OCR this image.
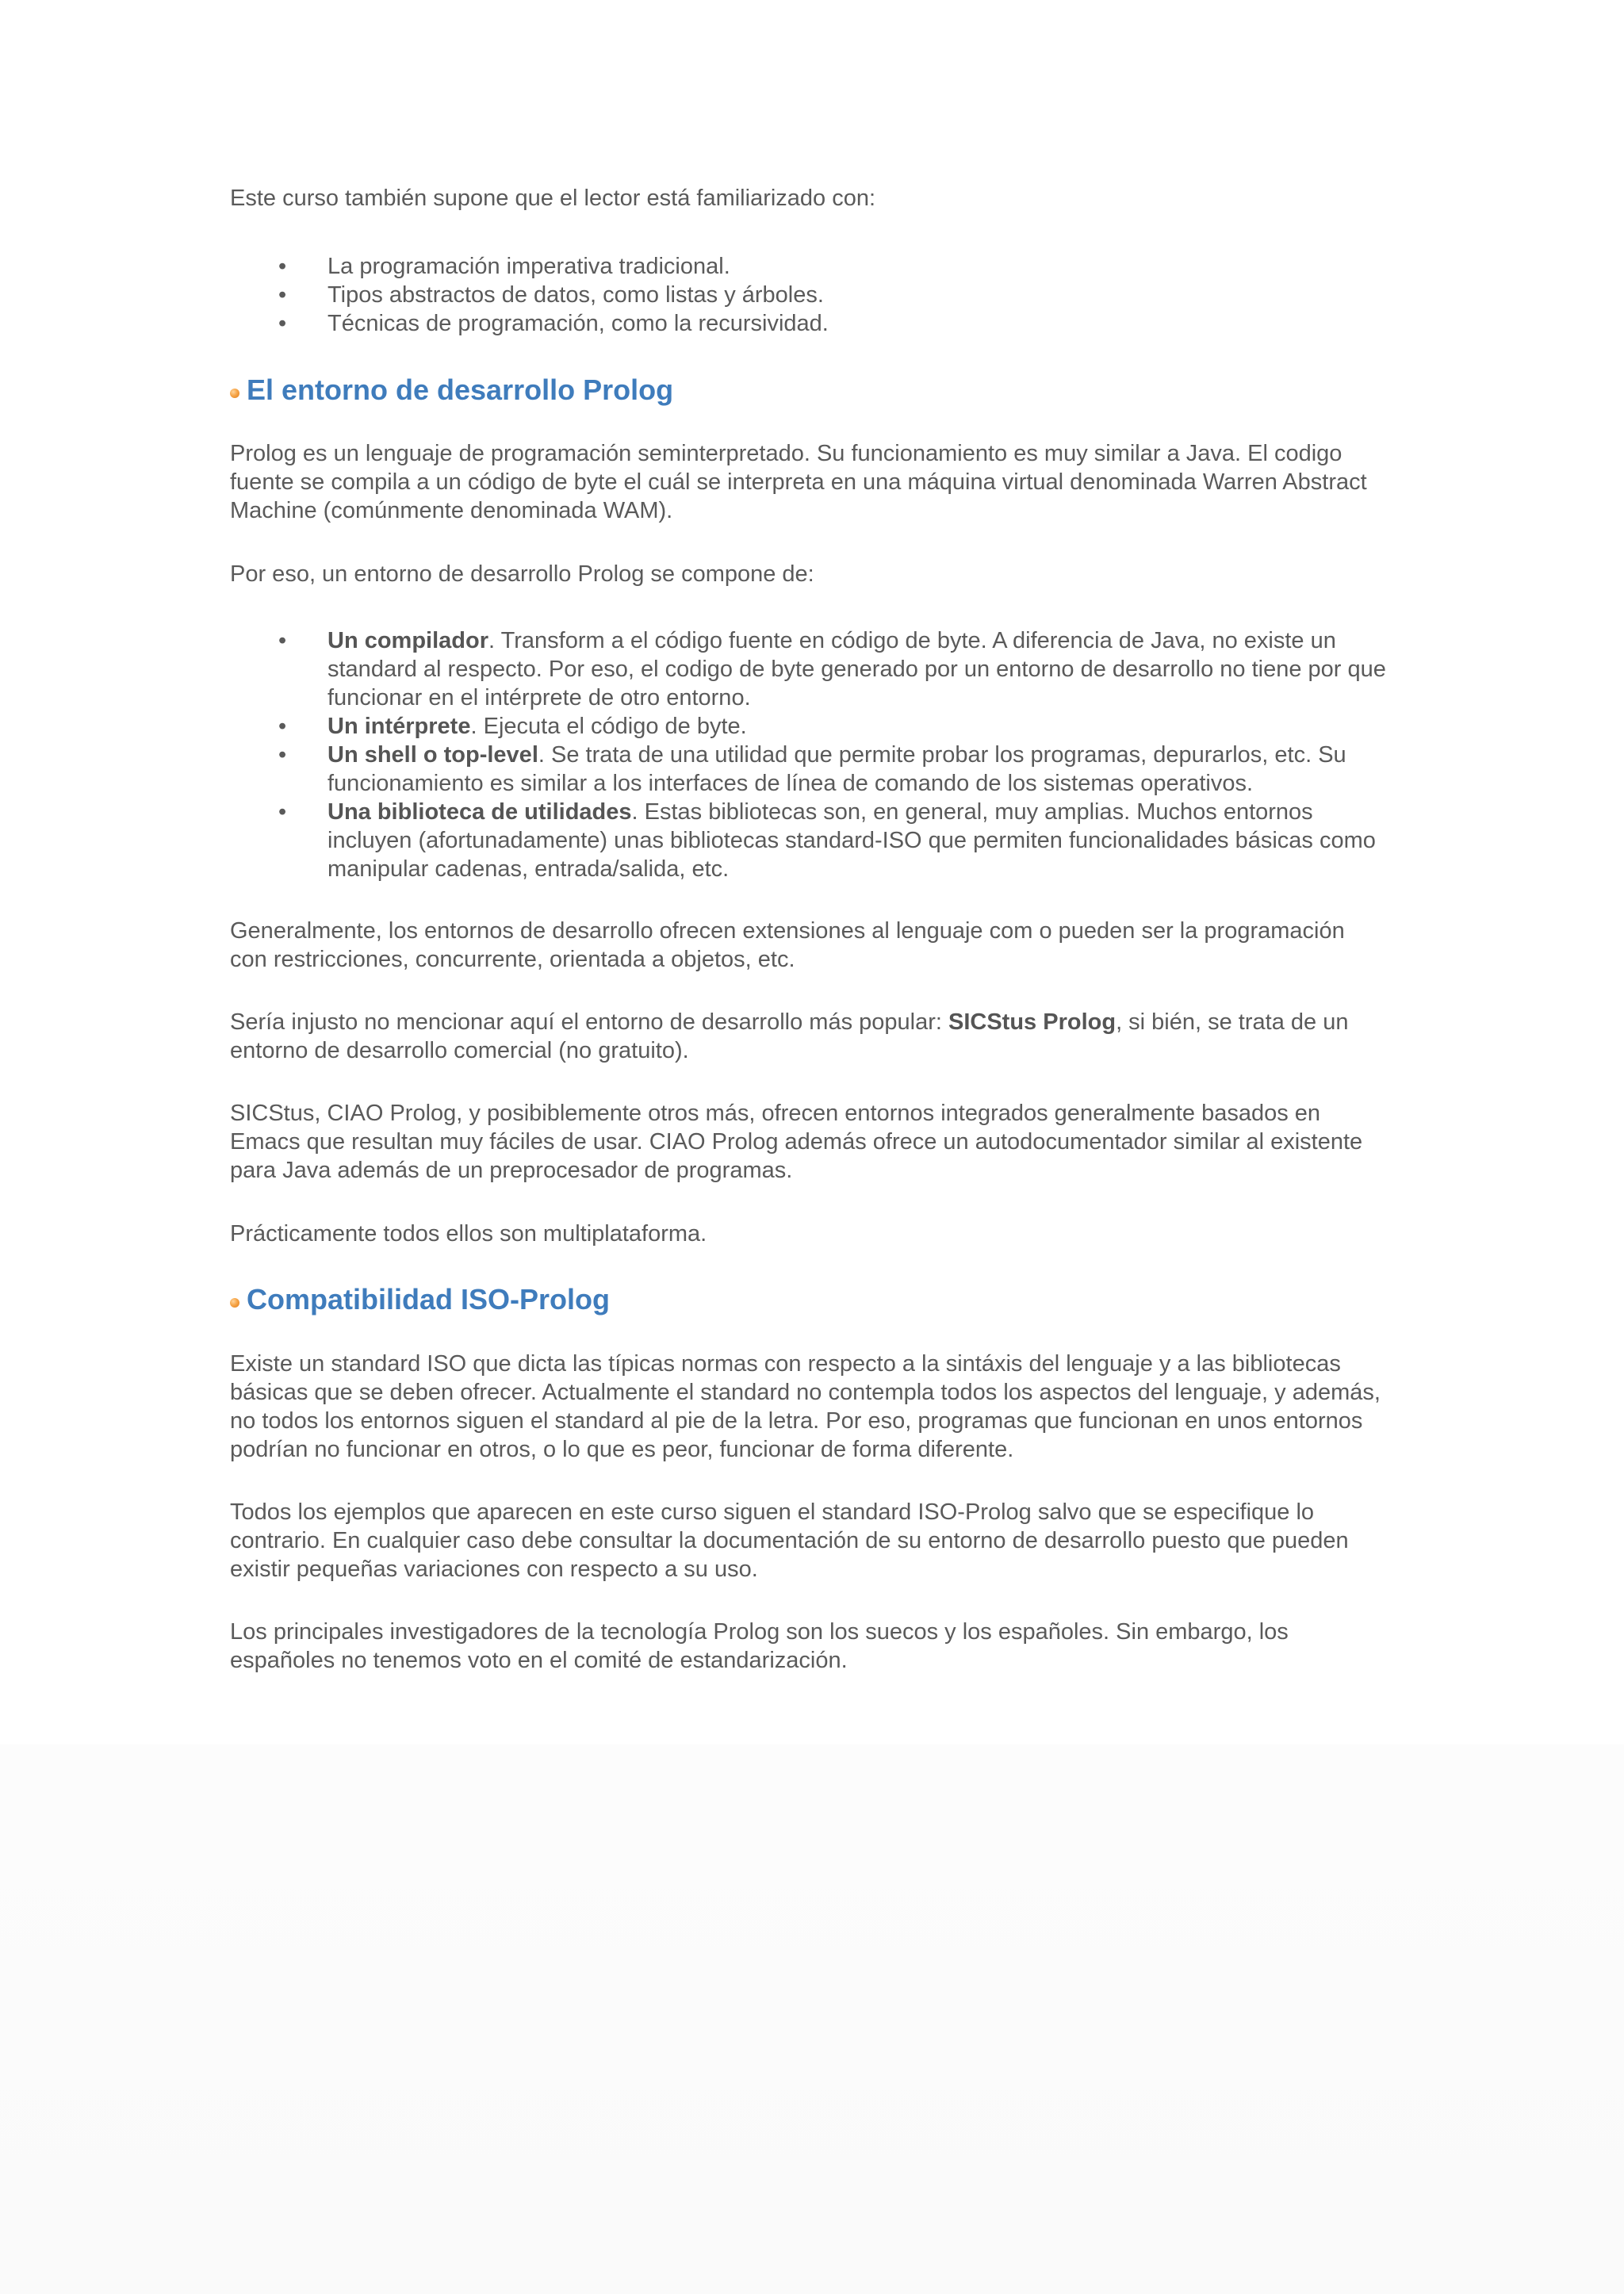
Este curso también supone que el lector está familiarizado con:

• La programación imperativa tradicional.
• Tipos abstractos de datos, como listas y árboles.
• Técnicas de programación, como la recursividad.
El entorno de desarrollo Prolog

Prolog es un lenguaje de programación seminterpretado. Su funcionamiento es muy similar a Java. El codigo fuente se compila a un código de byte el cuál se interpreta en una máquina virtual denominada Warren Abstract Machine (comúnmente denominada WAM).

Por eso, un entorno de desarrollo Prolog se compone de:

• Un compilador. Transform a el código fuente en código de byte. A diferencia de Java, no existe un standard al respecto. Por eso, el codigo de byte generado por un entorno de desarrollo no tiene por que funcionar en el intérprete de otro entorno.
• Un intérprete. Ejecuta el código de byte.
• Un shell o top-level. Se trata de una utilidad que permite probar los programas, depurarlos, etc. Su funcionamiento es similar a los interfaces de línea de comando de los sistemas operativos.
• Una biblioteca de utilidades. Estas bibliotecas son, en general, muy amplias. Muchos entornos incluyen (afortunadamente) unas bibliotecas standard-ISO que permiten funcionalidades básicas como manipular cadenas, entrada/salida, etc.

Generalmente, los entornos de desarrollo ofrecen extensiones al lenguaje com o pueden ser la programación con restricciones, concurrente, orientada a objetos, etc.

Sería injusto no mencionar aquí el entorno de desarrollo más popular: SICStus Prolog, si bién, se trata de un entorno de desarrollo comercial (no gratuito).

SICStus, CIAO Prolog, y posibiblemente otros más, ofrecen entornos integrados generalmente basados en Emacs que resultan muy fáciles de usar. CIAO Prolog además ofrece un autodocumentador similar al existente para Java además de un preprocesador de programas.

Prácticamente todos ellos son multiplataforma.

Compatibilidad ISO-Prolog

Existe un standard ISO que dicta las típicas normas con respecto a la sintáxis del lenguaje y a las bibliotecas básicas que se deben ofrecer. Actualmente el standard no contempla todos los aspectos del lenguaje, y además, no todos los entornos siguen el standard al pie de la letra. Por eso, programas que funcionan en unos entornos podrían no funcionar en otros, o lo que es peor, funcionar de forma diferente.

Todos los ejemplos que aparecen en este curso siguen el standard ISO-Prolog salvo que se especifique lo contrario. En cualquier caso debe consultar la documentación de su entorno de desarrollo puesto que pueden existir pequeñas variaciones con respecto a su uso.

Los principales investigadores de la tecnología Prolog son los suecos y los españoles. Sin embargo, los españoles no tenemos voto en el comité de estandarización.
